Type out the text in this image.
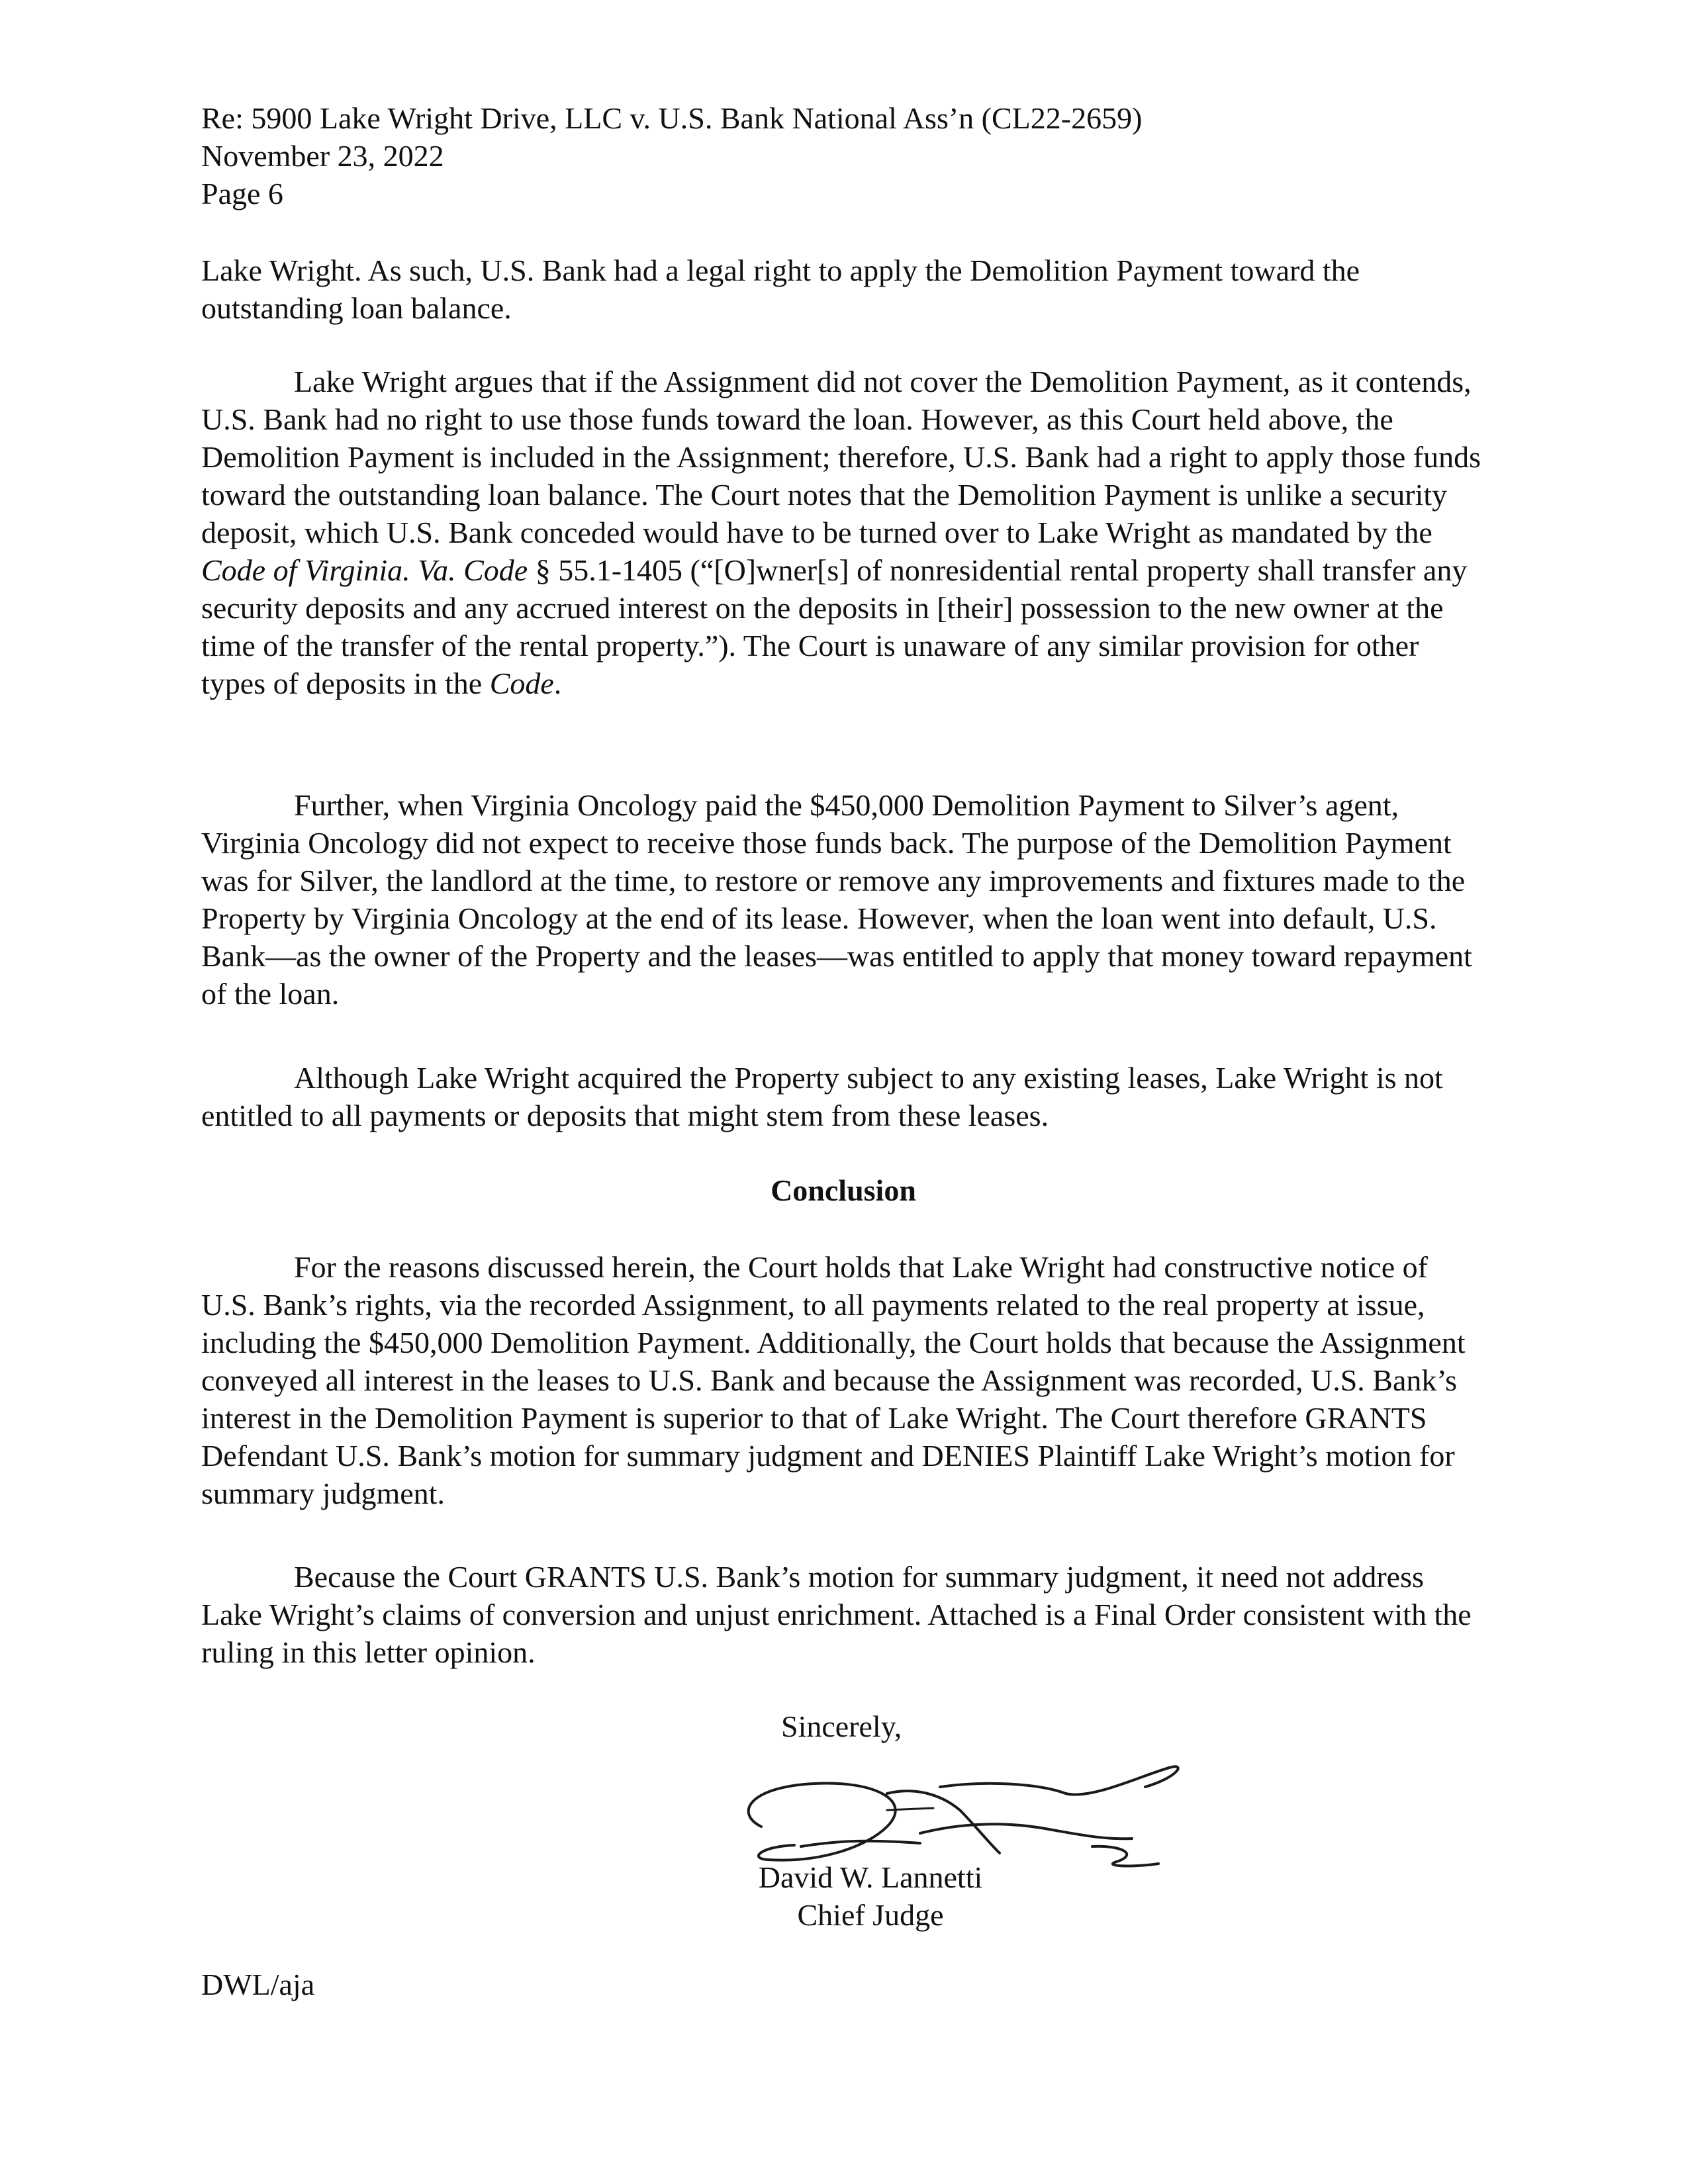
Re: 5900 Lake Wright Drive, LLC v. U.S. Bank National Ass’n (CL22-2659)
November 23, 2022
Page 6

Lake Wright. As such, U.S. Bank had a legal right to apply the Demolition Payment toward the outstanding loan balance.

Lake Wright argues that if the Assignment did not cover the Demolition Payment, as it contends, U.S. Bank had no right to use those funds toward the loan. However, as this Court held above, the Demolition Payment is included in the Assignment; therefore, U.S. Bank had a right to apply those funds toward the outstanding loan balance. The Court notes that the Demolition Payment is unlike a security deposit, which U.S. Bank conceded would have to be turned over to Lake Wright as mandated by the Code of Virginia. Va. Code § 55.1-1405 (“[O]wner[s] of nonresidential rental property shall transfer any security deposits and any accrued interest on the deposits in [their] possession to the new owner at the time of the transfer of the rental property.”). The Court is unaware of any similar provision for other types of deposits in the Code.

Further, when Virginia Oncology paid the $450,000 Demolition Payment to Silver’s agent, Virginia Oncology did not expect to receive those funds back. The purpose of the Demolition Payment was for Silver, the landlord at the time, to restore or remove any improvements and fixtures made to the Property by Virginia Oncology at the end of its lease. However, when the loan went into default, U.S. Bank—as the owner of the Property and the leases—was entitled to apply that money toward repayment of the loan.

Although Lake Wright acquired the Property subject to any existing leases, Lake Wright is not entitled to all payments or deposits that might stem from these leases.

Conclusion

For the reasons discussed herein, the Court holds that Lake Wright had constructive notice of U.S. Bank’s rights, via the recorded Assignment, to all payments related to the real property at issue, including the $450,000 Demolition Payment. Additionally, the Court holds that because the Assignment conveyed all interest in the leases to U.S. Bank and because the Assignment was recorded, U.S. Bank’s interest in the Demolition Payment is superior to that of Lake Wright. The Court therefore GRANTS Defendant U.S. Bank’s motion for summary judgment and DENIES Plaintiff Lake Wright’s motion for summary judgment.

Because the Court GRANTS U.S. Bank’s motion for summary judgment, it need not address Lake Wright’s claims of conversion and unjust enrichment. Attached is a Final Order consistent with the ruling in this letter opinion.

Sincerely,
David W. Lannetti
Chief Judge
DWL/aja
